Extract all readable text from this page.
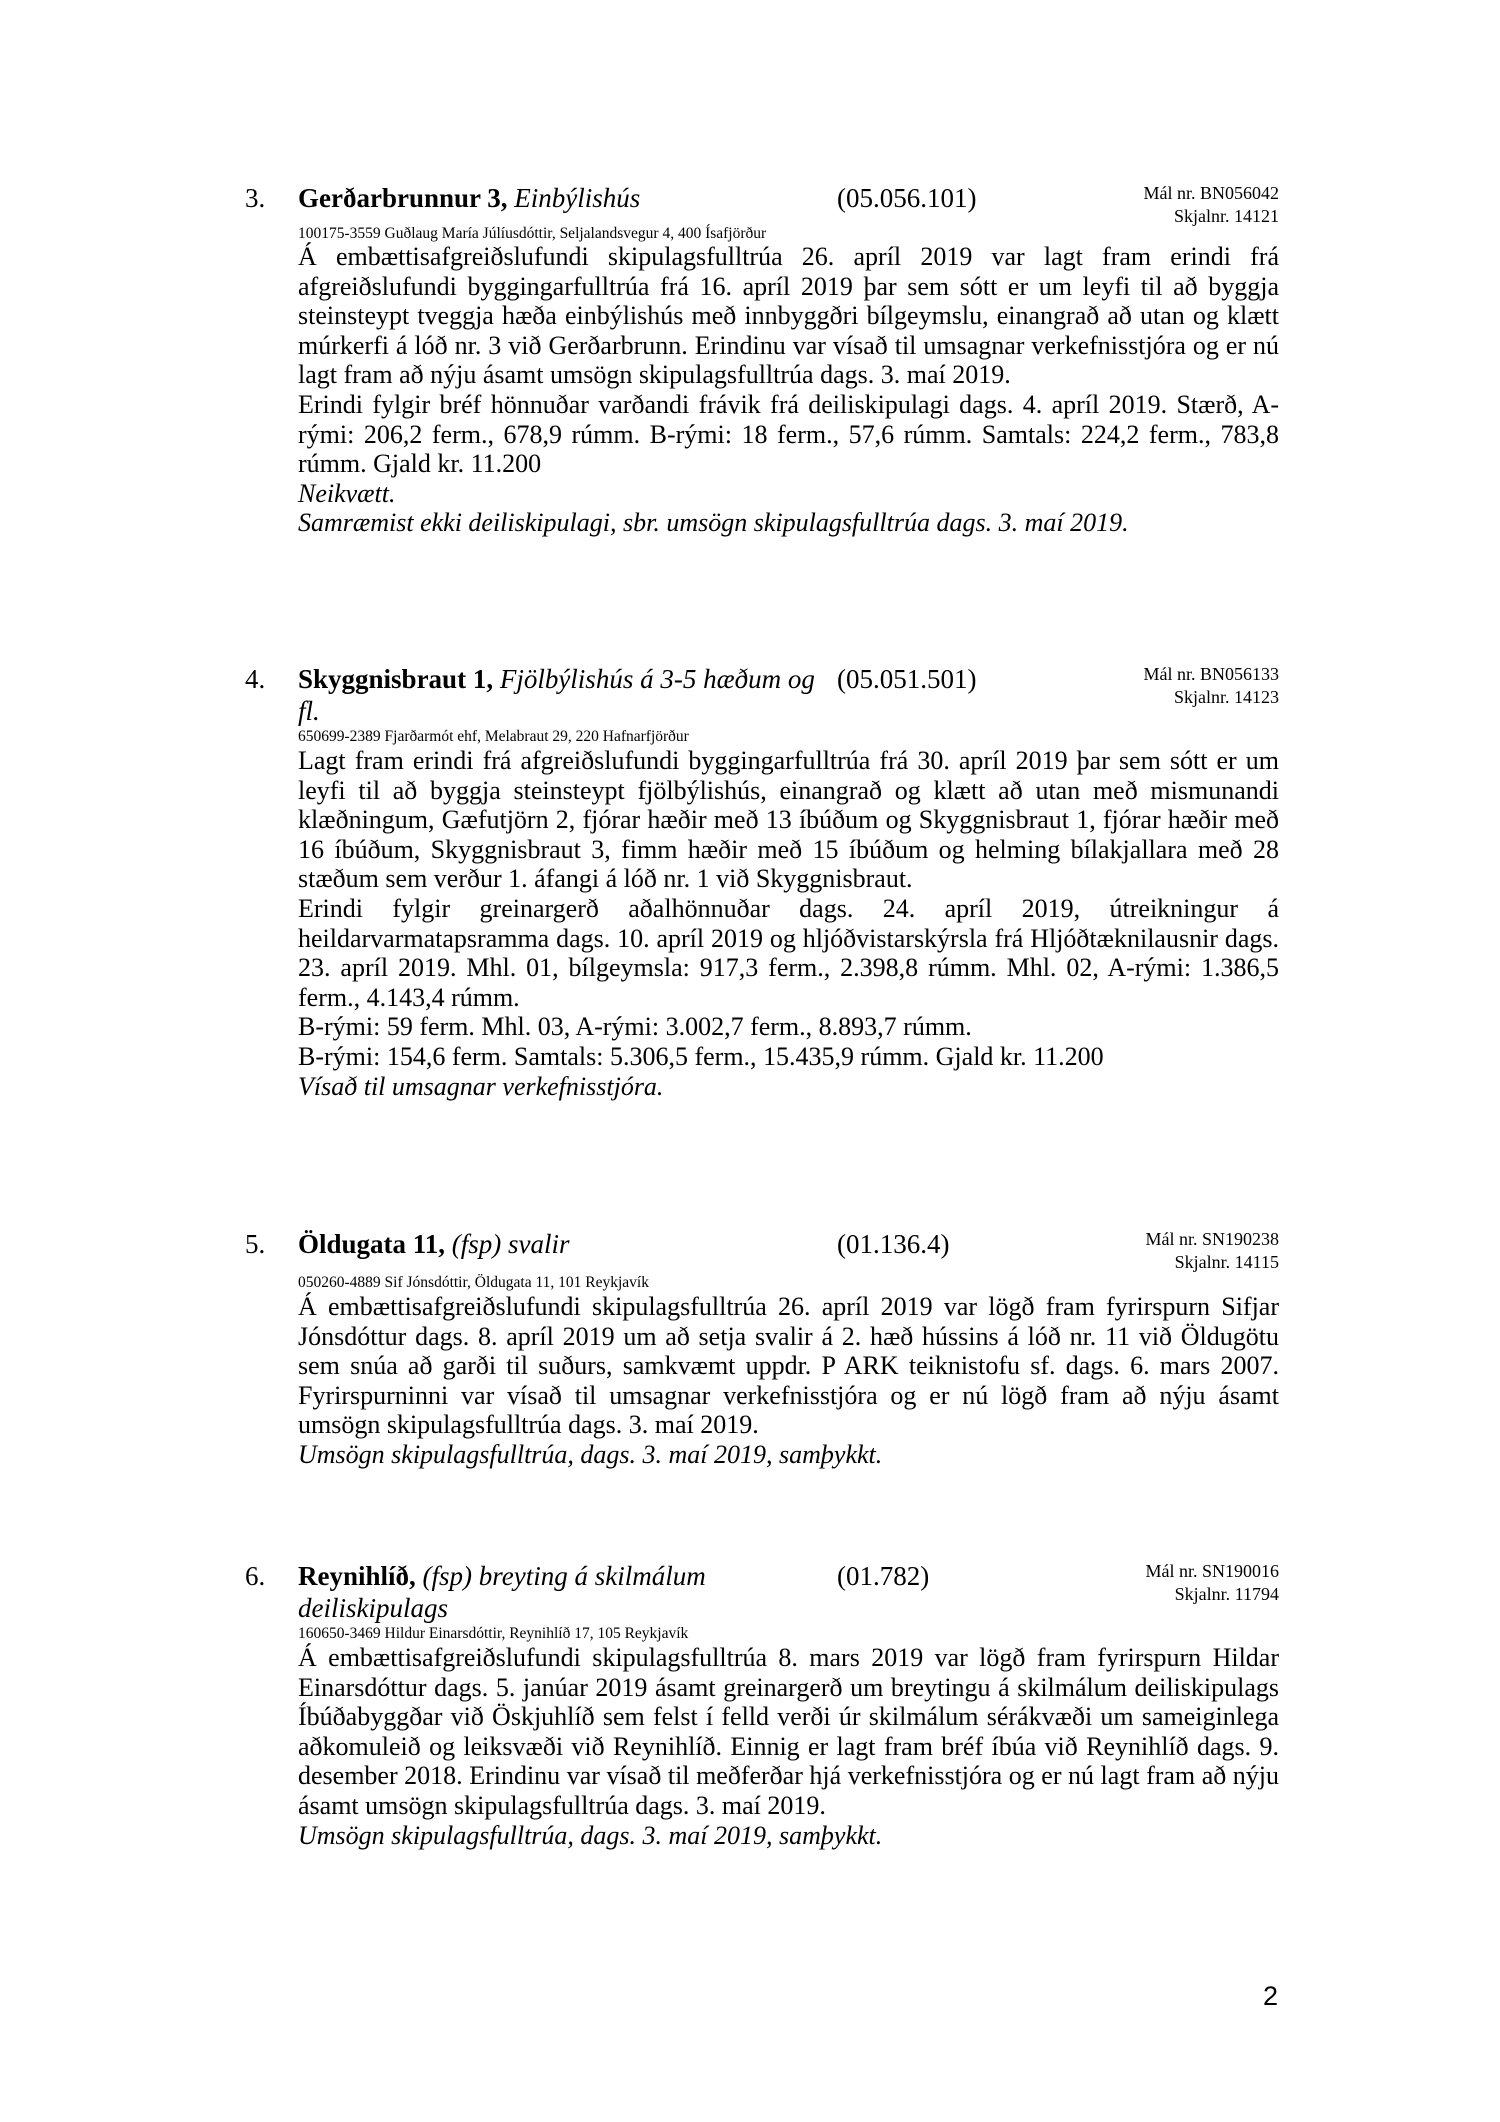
3. Gerðarbrunnur 3, Einbýlishús	(05.056.101)	Mál nr. BN056042
Skjalnr. 14121
100175-3559 Guðlaug María Júlíusdóttir, Seljalandsvegur 4, 400 Ísafjörður

Á embættisafgreiðslufundi skipulagsfulltrúa 26. apríl 2019 var lagt fram erindi frá afgreiðslufundi byggingarfulltrúa frá 16. apríl 2019 þar sem sótt er um leyfi til að byggja steinsteypt tveggja hæða einbýlishús með innbyggðri bílgeymslu, einangrað að utan og klætt múrkerfi á lóð nr. 3 við Gerðarbrunn. Erindinu var vísað til umsagnar verkefnisstjóra og er nú lagt fram að nýju ásamt umsögn skipulagsfulltrúa dags. 3. maí 2019.

Erindi fylgir bréf hönnuðar varðandi frávik frá deiliskipulagi dags. 4. apríl 2019. Stærð, A-rými: 206,2 ferm., 678,9 rúmm. B-rými: 18 ferm., 57,6 rúmm. Samtals: 224,2 ferm., 783,8 rúmm. Gjald kr. 11.200

Neikvætt.

Samræmist ekki deiliskipulagi, sbr. umsögn skipulagsfulltrúa dags. 3. maí 2019.

4. Skyggnisbraut 1, Fjölbýlishús á 3-5 hæðum og fl.
(05.051.501)	Mál nr. BN056133
Skjalnr. 14123
650699-2389 Fjarðarmót ehf, Melabraut 29, 220 Hafnarfjörður

Lagt fram erindi frá afgreiðslufundi byggingarfulltrúa frá 30. apríl 2019 þar sem sótt er um leyfi til að byggja steinsteypt fjölbýlishús, einangrað og klætt að utan með mismunandi klæðningum, Gæfutjörn 2, fjórar hæðir með 13 íbúðum og Skyggnisbraut 1, fjórar hæðir með 16 íbúðum, Skyggnisbraut 3, fimm hæðir með 15 íbúðum og helming bílakjallara með 28 stæðum sem verður 1. áfangi á lóð nr. 1 við Skyggnisbraut.

Erindi fylgir greinargerð aðalhönnuðar dags. 24. apríl 2019, útreikningur á heildarvarmatapsramma dags. 10. apríl 2019 og hljóðvistarskýrsla frá Hljóðtæknilausnir dags. 23. apríl 2019. Mhl. 01, bílgeymsla: 917,3 ferm., 2.398,8 rúmm. Mhl. 02, A-rými: 1.386,5 ferm., 4.143,4 rúmm.

B-rými: 59 ferm. Mhl. 03, A-rými: 3.002,7 ferm., 8.893,7 rúmm.

B-rými: 154,6 ferm. Samtals: 5.306,5 ferm., 15.435,9 rúmm. Gjald kr. 11.200

Vísað til umsagnar verkefnisstjóra.

5. Öldugata 11, (fsp) svalir	(01.136.4)	Mál nr. SN190238
Skjalnr. 14115
050260-4889 Sif Jónsdóttir, Öldugata 11, 101 Reykjavík

Á embættisafgreiðslufundi skipulagsfulltrúa 26. apríl 2019 var lögð fram fyrirspurn Sifjar Jónsdóttur dags. 8. apríl 2019 um að setja svalir á 2. hæð hússins á lóð nr. 11 við Öldugötu sem snúa að garði til suðurs, samkvæmt uppdr. P ARK teiknistofu sf. dags. 6. mars 2007. Fyrirspurninni var vísað til umsagnar verkefnisstjóra og er nú lögð fram að nýju ásamt umsögn skipulagsfulltrúa dags. 3. maí 2019.

Umsögn skipulagsfulltrúa, dags. 3. maí 2019, samþykkt.

6. Reynihlíð, (fsp) breyting á skilmálum deiliskipulags
(01.782)	Mál nr. SN190016
Skjalnr. 11794
160650-3469 Hildur Einarsdóttir, Reynihlíð 17, 105 Reykjavík

Á embættisafgreiðslufundi skipulagsfulltrúa 8. mars 2019 var lögð fram fyrirspurn Hildar Einarsdóttur dags. 5. janúar 2019 ásamt greinargerð um breytingu á skilmálum deiliskipulags Íbúðabyggðar við Öskjuhlíð sem felst í felld verði úr skilmálum sérákvæði um sameiginlega aðkomuleið og leiksvæði við Reynihlíð. Einnig er lagt fram bréf íbúa við Reynihlíð dags. 9. desember 2018. Erindinu var vísað til meðferðar hjá verkefnisstjóra og er nú lagt fram að nýju ásamt umsögn skipulagsfulltrúa dags. 3. maí 2019.

Umsögn skipulagsfulltrúa, dags. 3. maí 2019, samþykkt.

2
